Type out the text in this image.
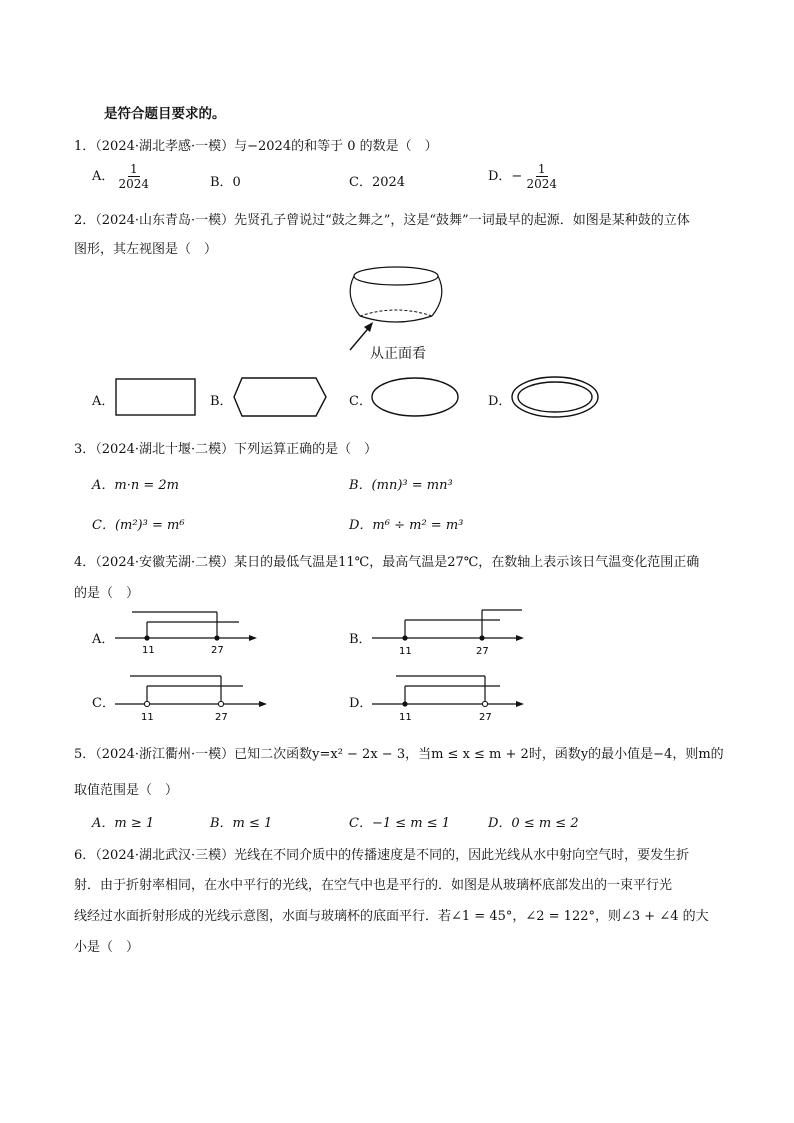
是符合题目要求的。
1．（2024·湖北孝感·一模）与−2024的和等于 0 的数是（　）
A． $\frac{1}{2024}$	B．0	C．2024	D．− $\frac{1}{2024}$
2．（2024·山东青岛·一模）先贤孔子曾说过“鼓之舞之”，这是“鼓舞”一词最早的起源．如图是某种鼓的立体
图形，其左视图是（　）
从正面看
A．	B．	C．	D．
3．（2024·湖北十堰·二模）下列运算正确的是（　）
A．m·n = 2m	B．(mn)³ = mn³
C．(m²)³ = m⁶	D．m⁶ ÷ m² = m³
4．（2024·安徽芜湖·二模）某日的最低气温是11℃，最高气温是27℃，在数轴上表示该日气温变化范围正确
的是（　）
A．
11	27
B．
11	27
C．
11	27
D．
11	27
5．（2024·浙江衢州·一模）已知二次函数y=x² − 2x − 3，当m ≤ x ≤ m + 2时，函数y的最小值是−4，则m的
取值范围是（　）
A．m ≥ 1	B．m ≤ 1	C．−1 ≤ m ≤ 1	D．0 ≤ m ≤ 2
6．（2024·湖北武汉·三模）光线在不同介质中的传播速度是不同的，因此光线从水中射向空气时，要发生折
射．由于折射率相同，在水中平行的光线，在空气中也是平行的．如图是从玻璃杯底部发出的一束平行光
线经过水面折射形成的光线示意图，水面与玻璃杯的底面平行．若∠1 = 45°，∠2 = 122°，则∠3 + ∠4 的大
小是（　）
